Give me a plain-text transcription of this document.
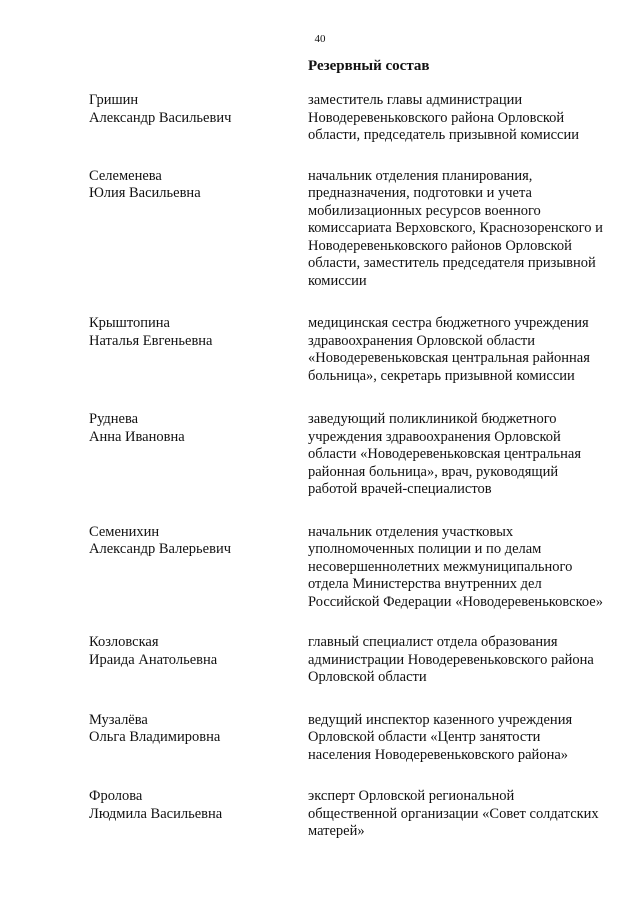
40
Резервный состав
Гришин
Александр Васильевич
заместитель главы администрации Новодеревеньковского района Орловской области, председатель призывной комиссии
Селеменева
Юлия Васильевна
начальник отделения планирования, предназначения, подготовки и учета мобилизационных ресурсов военного комиссариата Верховского, Краснозоренского и Новодеревеньковского районов Орловской области, заместитель председателя призывной комиссии
Крыштопина
Наталья Евгеньевна
медицинская сестра бюджетного учреждения здравоохранения Орловской области «Новодеревеньковская центральная районная больница», секретарь призывной комиссии
Руднева
Анна Ивановна
заведующий поликлиникой бюджетного учреждения здравоохранения Орловской области «Новодеревеньковская центральная районная больница», врач, руководящий работой врачей-специалистов
Семенихин
Александр Валерьевич
начальник отделения участковых уполномоченных полиции и по делам несовершеннолетних межмуниципального отдела Министерства внутренних дел Российской Федерации «Новодеревеньковское»
Козловская
Ираида Анатольевна
главный специалист отдела образования администрации Новодеревеньковского района Орловской области
Музалёва
Ольга Владимировна
ведущий инспектор казенного учреждения Орловской области «Центр занятости населения Новодеревеньковского района»
Фролова
Людмила Васильевна
эксперт Орловской региональной общественной организации «Совет солдатских матерей»
